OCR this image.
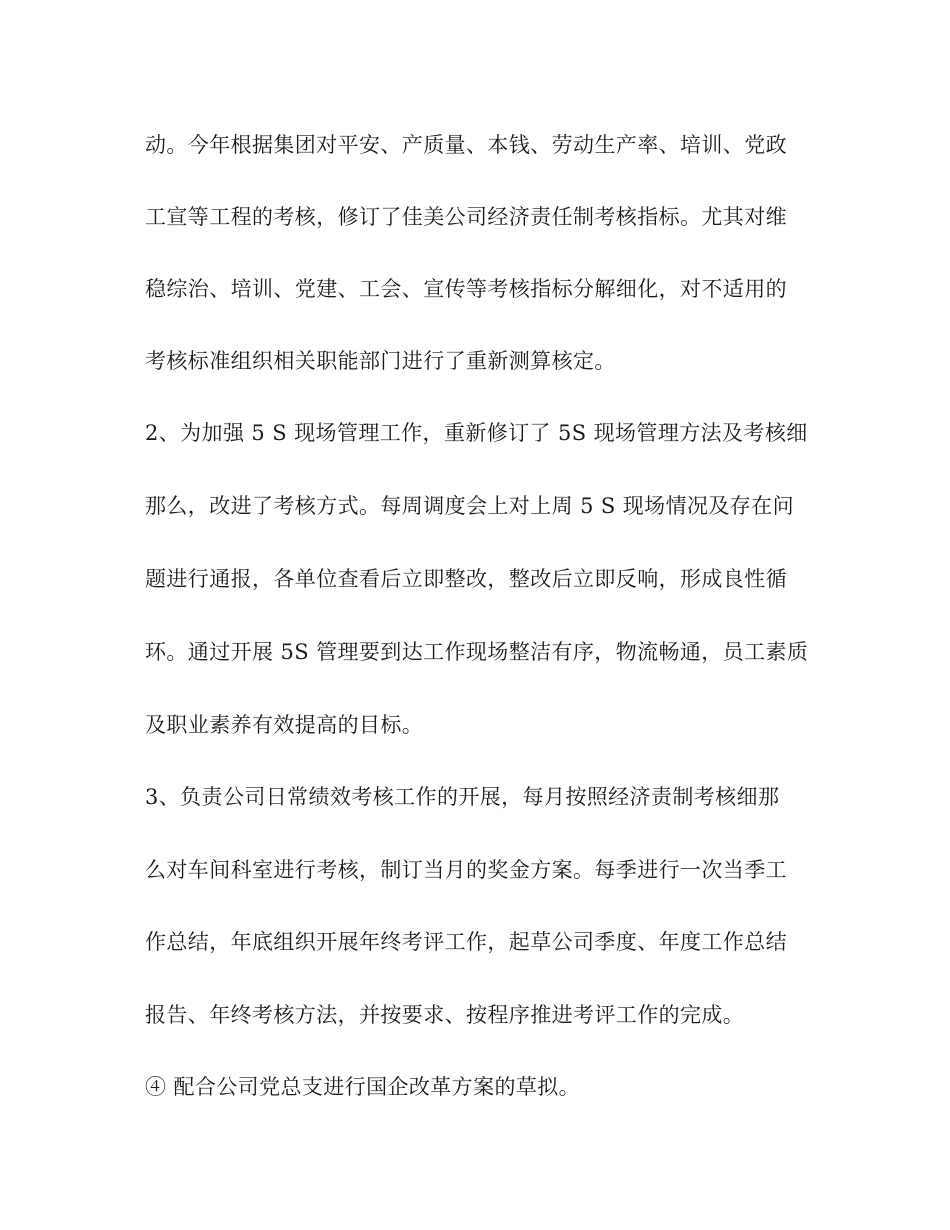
动。今年根据集团对平安、产质量、本钱、劳动生产率、培训、党政
工宣等工程的考核，修订了佳美公司经济责任制考核指标。尤其对维
稳综治、培训、党建、工会、宣传等考核指标分解细化，对不适用的
考核标准组织相关职能部门进行了重新测算核定。
2、为加强 5 S 现场管理工作，重新修订了 5S 现场管理方法及考核细
那么，改进了考核方式。每周调度会上对上周 5 S 现场情况及存在问
题进行通报，各单位查看后立即整改，整改后立即反响，形成良性循
环。通过开展 5S 管理要到达工作现场整洁有序，物流畅通，员工素质
及职业素养有效提高的目标。
3、负责公司日常绩效考核工作的开展，每月按照经济责制考核细那
么对车间科室进行考核，制订当月的奖金方案。每季进行一次当季工
作总结，年底组织开展年终考评工作，起草公司季度、年度工作总结
报告、年终考核方法，并按要求、按程序推进考评工作的完成。
④ 配合公司党总支进行国企改革方案的草拟。
